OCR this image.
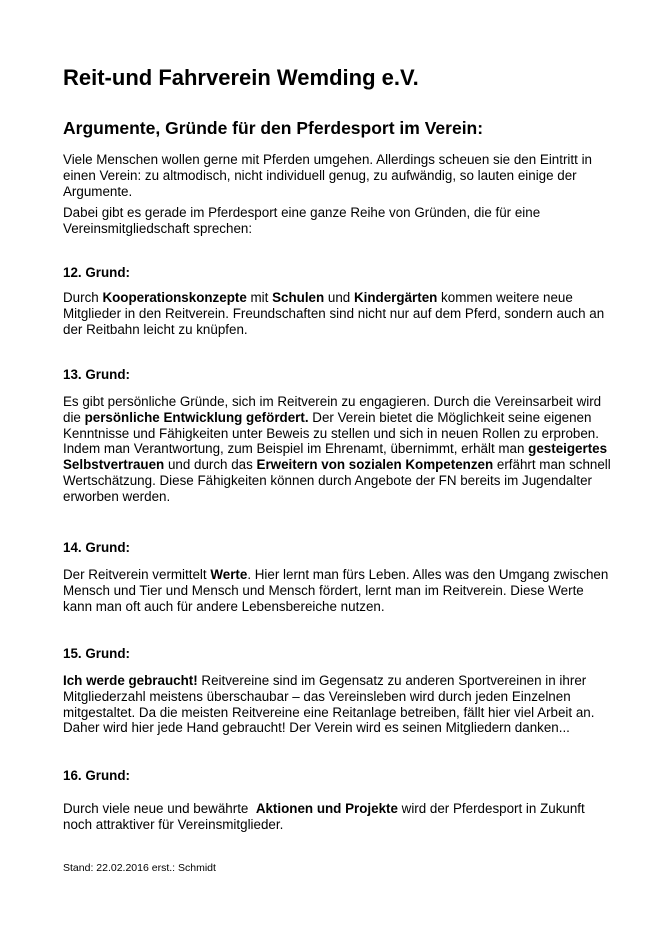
Reit-und Fahrverein Wemding e.V.
Argumente, Gründe für den Pferdesport im Verein:

Viele Menschen wollen gerne mit Pferden umgehen. Allerdings scheuen sie den Eintritt in einen Verein: zu altmodisch, nicht individuell genug, zu aufwändig, so lauten einige der Argumente.

Dabei gibt es gerade im Pferdesport eine ganze Reihe von Gründen, die für eine Vereinsmitgliedschaft sprechen:

12. Grund:

Durch Kooperationskonzepte mit Schulen und Kindergärten kommen weitere neue Mitglieder in den Reitverein. Freundschaften sind nicht nur auf dem Pferd, sondern auch an der Reitbahn leicht zu knüpfen.

13. Grund:

Es gibt persönliche Gründe, sich im Reitverein zu engagieren. Durch die Vereinsarbeit wird die persönliche Entwicklung gefördert. Der Verein bietet die Möglichkeit seine eigenen Kenntnisse und Fähigkeiten unter Beweis zu stellen und sich in neuen Rollen zu erproben. Indem man Verantwortung, zum Beispiel im Ehrenamt, übernimmt, erhält man gesteigertes Selbstvertrauen und durch das Erweitern von sozialen Kompetenzen erfährt man schnell Wertschätzung. Diese Fähigkeiten können durch Angebote der FN bereits im Jugendalter erworben werden.

14. Grund:

Der Reitverein vermittelt Werte. Hier lernt man fürs Leben. Alles was den Umgang zwischen Mensch und Tier und Mensch und Mensch fördert, lernt man im Reitverein. Diese Werte kann man oft auch für andere Lebensbereiche nutzen.

15. Grund:

Ich werde gebraucht! Reitvereine sind im Gegensatz zu anderen Sportvereinen in ihrer Mitgliederzahl meistens überschaubar – das Vereinsleben wird durch jeden Einzelnen mitgestaltet. Da die meisten Reitvereine eine Reitanlage betreiben, fällt hier viel Arbeit an. Daher wird hier jede Hand gebraucht! Der Verein wird es seinen Mitgliedern danken...

16. Grund:

Durch viele neue und bewährte  Aktionen und Projekte wird der Pferdesport in Zukunft noch attraktiver für Vereinsmitglieder.

Stand: 22.02.2016 erst.: Schmidt
